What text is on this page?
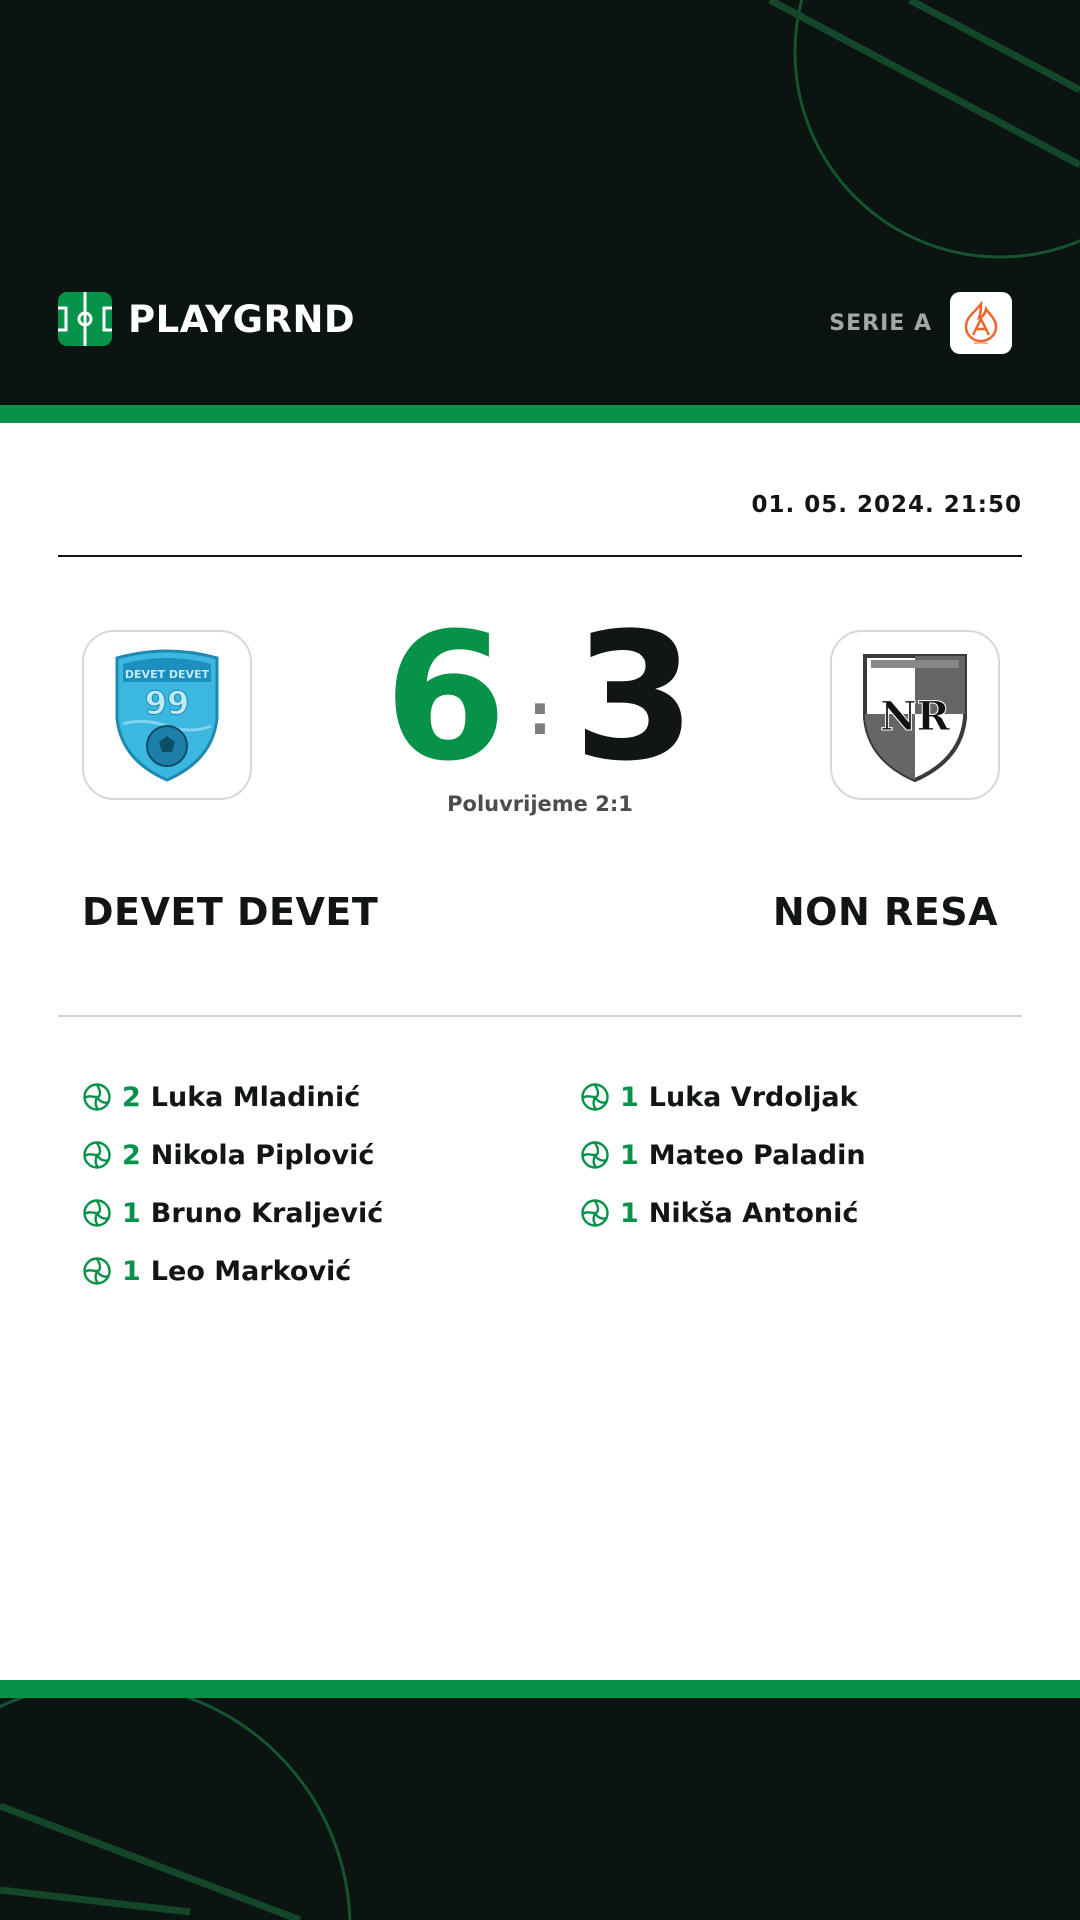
PLAYGRND	SERIE A
01. 05. 2024. 21:50
DEVET DEVET
99 6 : 3
Poluvrijeme 2:1
NR
DEVET DEVET	NON RESA
2 Luka Mladinić
2 Nikola Piplović
1 Bruno Kraljević
1 Leo Marković
1 Luka Vrdoljak
1 Mateo Paladin
1 Nikša Antonić
